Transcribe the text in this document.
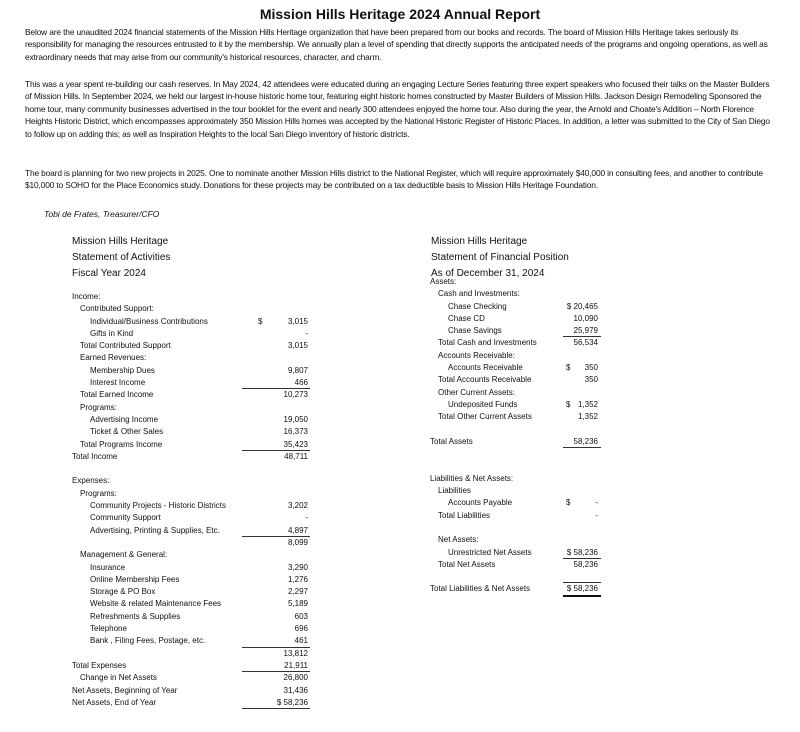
Mission Hills Heritage 2024 Annual Report
Below are the unaudited 2024 financial statements of the Mission Hills Heritage organization that have been prepared from our books and records. The board of Mission Hills Heritage takes seriously its responsibility for managing the resources entrusted to it by the membership. We annually plan a level of spending that directly supports the anticipated needs of the programs and ongoing operations, as well as extraordinary needs that may arise from our community's historical resources, character, and charm.
This was a year spent re-building our cash reserves. In May 2024, 42 attendees were educated during an engaging Lecture Series featuring three expert speakers who focused their talks on the Master Builders of Mission Hills. In September 2024, we held our largest in-house historic home tour, featuring eight historic homes constructed by Master Builders of Mission Hills. Jackson Design Remodeling Sponsored the home tour, many community businesses advertised in the tour booklet for the event and nearly 300 attendees enjoyed the home tour. Also during the year, the Arnold and Choate's Addition – North Florence Heights Historic District, which encompasses approximately 350 Mission Hills homes was accepted by the National Historic Register of Historic Places. In addition, a letter was submitted to the City of San Diego to follow up on adding this; as well as Inspiration Heights to the local San Diego inventory of historic districts.
The board is planning for two new projects in 2025. One to nominate another Mission Hills district to the National Register, which will require approximately $40,000 in consulting fees, and another to contribute $10,000 to SOHO for the Place Economics study. Donations for these projects may be contributed on a tax deductible basis to Mission Hills Heritage Foundation.
Tobi de Frates, Treasurer/CFO
Mission Hills Heritage
Statement of Activities
Fiscal Year 2024
Mission Hills Heritage
Statement of Financial Position
As of December 31, 2024
Income:
Contributed Support:
Individual/Business Contributions	$	3,015
Gifts in Kind	-
Total Contributed Support	3,015
Earned Revenues:
Membership Dues	9,807
Interest Income	466
Total Earned Income	10,273
Programs:
Advertising Income	19,050
Ticket & Other Sales	16,373
Total Programs Income	35,423
Total Income	48,711
Expenses:
Programs:
Community Projects - Historic Districts	3,202
Community Support	-
Advertising, Printing & Supplies, Etc.	4,897
8,099
Management & General:
Insurance	3,290
Online Membership Fees	1,276
Storage & PO Box	2,297
Website & related Maintenance Fees	5,189
Refreshments & Supplies	603
Telephone	696
Bank , Filing Fees, Postage, etc.	461
13,812
Total Expenses	21,911
Change in Net Assets	26,800
Net Assets, Beginning of Year	31,436
Net Assets, End of Year	$ 58,236
Assets:
Cash and Investments:
Chase Checking	$ 20,465
Chase CD	10,090
Chase Savings	25,979
Total Cash and Investments	56,534
Accounts Receivable:
Accounts Receivable	$	350
Total Accounts Receivable	350
Other Current Assets:
Undeposited Funds	$ 1,352
Total Other Current Assets	1,352
Total Assets	58,236
Liabilities & Net Assets:
Liabilities
Accounts Payable	$	-
Total Liabilities	-
Net Assets:
Unrestricted Net Assets	$ 58,236
Total Net Assets	58,236
Total Liabilities & Net Assets	$ 58,236
